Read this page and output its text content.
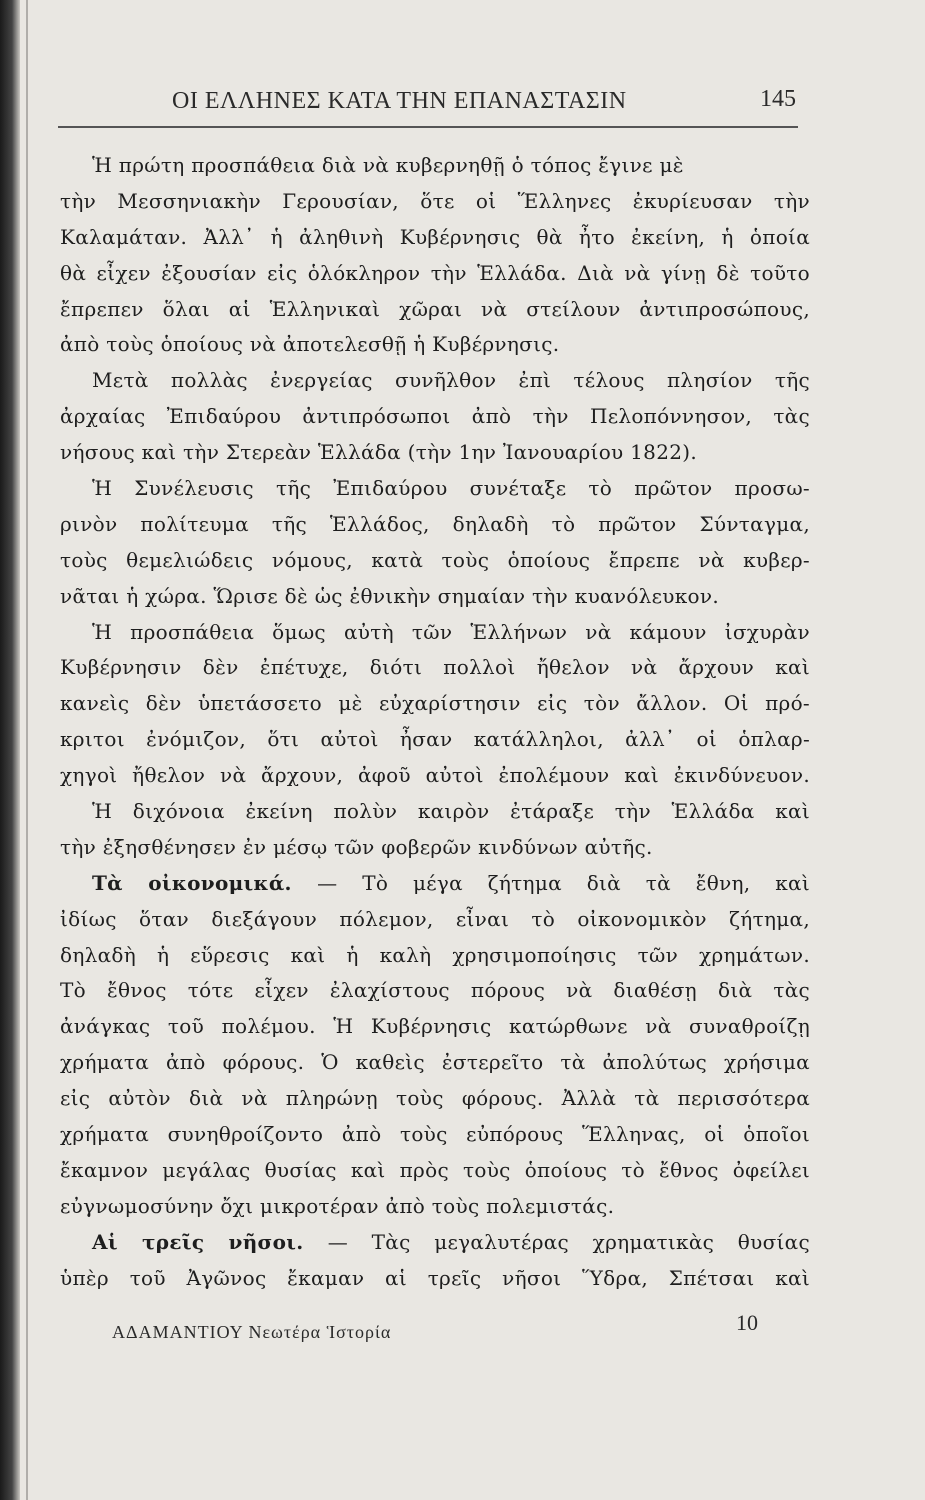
ΟΙ ΕΛΛΗΝΕΣ ΚΑΤΑ ΤΗΝ ΕΠΑΝΑΣΤΑΣΙΝ	145
Ἡ πρώτη προσπάθεια διὰ νὰ κυβερνηθῇ ὁ τόπος ἔγινε μὲ
τὴν Μεσσηνιακὴν Γερουσίαν, ὅτε οἱ Ἕλληνες ἐκυρίευσαν τὴν
Καλαμάταν. Ἀλλ᾽ ἡ ἀληθινὴ Κυβέρνησις θὰ ἦτο ἐκείνη, ἡ ὁποία
θὰ εἶχεν ἐξουσίαν εἰς ὁλόκληρον τὴν Ἑλλάδα. Διὰ νὰ γίνῃ δὲ τοῦτο
ἔπρεπεν ὅλαι αἱ Ἑλληνικαὶ χῶραι νὰ στείλουν ἀντιπροσώπους,
ἀπὸ τοὺς ὁποίους νὰ ἀποτελεσθῇ ἡ Κυβέρνησις.
Μετὰ πολλὰς ἐνεργείας συνῆλθον ἐπὶ τέλους πλησίον τῆς
ἀρχαίας Ἐπιδαύρου ἀντιπρόσωποι ἀπὸ τὴν Πελοπόννησον, τὰς
νήσους καὶ τὴν Στερεὰν Ἑλλάδα (τὴν 1ην Ἰανουαρίου 1822).
Ἡ Συνέλευσις τῆς Ἐπιδαύρου συνέταξε τὸ πρῶτον προσω-
ρινὸν πολίτευμα τῆς Ἑλλάδος, δηλαδὴ τὸ πρῶτον Σύνταγμα,
τοὺς θεμελιώδεις νόμους, κατὰ τοὺς ὁποίους ἔπρεπε νὰ κυβερ-
νᾶται ἡ χώρα. Ὥρισε δὲ ὡς ἐθνικὴν σημαίαν τὴν κυανόλευκον.
Ἡ προσπάθεια ὅμως αὐτὴ τῶν Ἑλλήνων νὰ κάμουν ἰσχυρὰν
Κυβέρνησιν δὲν ἐπέτυχε, διότι πολλοὶ ἤθελον νὰ ἄρχουν καὶ
κανεὶς δὲν ὑπετάσσετο μὲ εὐχαρίστησιν εἰς τὸν ἄλλον. Οἱ πρό-
κριτοι ἐνόμιζον, ὅτι αὐτοὶ ἦσαν κατάλληλοι, ἀλλ᾽ οἱ ὁπλαρ-
χηγοὶ ἤθελον νὰ ἄρχουν, ἀφοῦ αὐτοὶ ἐπολέμουν καὶ ἐκινδύνευον.
Ἡ διχόνοια ἐκείνη πολὺν καιρὸν ἐτάραξε τὴν Ἑλλάδα καὶ
τὴν ἐξησθένησεν ἐν μέσῳ τῶν φοβερῶν κινδύνων αὐτῆς.
Τὰ οἰκονομικά. — Τὸ μέγα ζήτημα διὰ τὰ ἔθνη, καὶ
ἰδίως ὅταν διεξάγουν πόλεμον, εἶναι τὸ οἰκονομικὸν ζήτημα,
δηλαδὴ ἡ εὕρεσις καὶ ἡ καλὴ χρησιμοποίησις τῶν χρημάτων.
Τὸ ἔθνος τότε εἶχεν ἐλαχίστους πόρους νὰ διαθέσῃ διὰ τὰς
ἀνάγκας τοῦ πολέμου. Ἡ Κυβέρνησις κατώρθωνε νὰ συναθροίζῃ
χρήματα ἀπὸ φόρους. Ὁ καθεὶς ἐστερεῖτο τὰ ἀπολύτως χρήσιμα
εἰς αὐτὸν διὰ νὰ πληρώνῃ τοὺς φόρους. Ἀλλὰ τὰ περισσότερα
χρήματα συνηθροίζοντο ἀπὸ τοὺς εὐπόρους Ἕλληνας, οἱ ὁποῖοι
ἔκαμνον μεγάλας θυσίας καὶ πρὸς τοὺς ὁποίους τὸ ἔθνος ὀφείλει
εὐγνωμοσύνην ὄχι μικροτέραν ἀπὸ τοὺς πολεμιστάς.
Αἱ τρεῖς νῆσοι. — Τὰς μεγαλυτέρας χρηματικὰς θυσίας
ὑπὲρ τοῦ Ἀγῶνος ἔκαμαν αἱ τρεῖς νῆσοι Ὕδρα, Σπέτσαι καὶ
ΑΔΑΜΑΝΤΙΟΥ Νεωτέρα Ἱστορία	10
